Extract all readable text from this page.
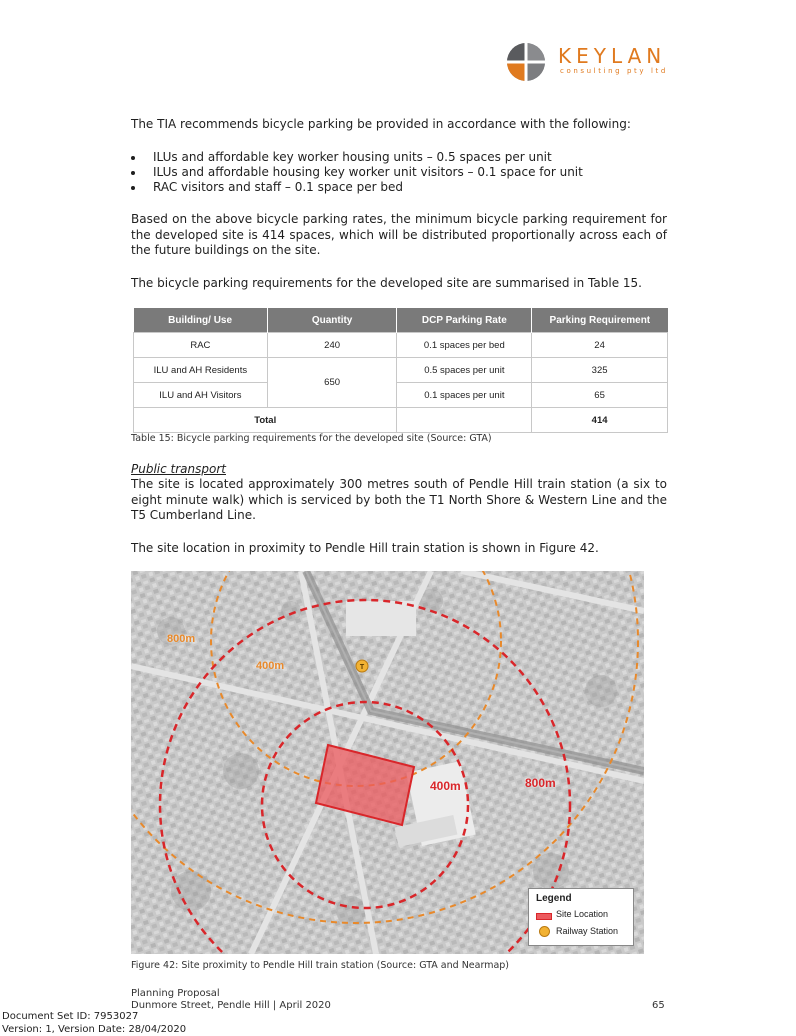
KEYLAN
consulting pty ltd

The TIA recommends bicycle parking be provided in accordance with the following:

ILUs and affordable key worker housing units – 0.5 spaces per unit
ILUs and affordable housing key worker unit visitors – 0.1 space for unit
RAC visitors and staff – 0.1 space per bed

Based on the above bicycle parking rates, the minimum bicycle parking requirement for the developed site is 414 spaces, which will be distributed proportionally across each of the future buildings on the site.

The bicycle parking requirements for the developed site are summarised in Table 15.

Building/ Use	Quantity	DCP Parking Rate	Parking Requirement
RAC	240	0.1 spaces per bed	24
ILU and AH Residents	650	0.5 spaces per unit	325
ILU and AH Visitors		0.1 spaces per unit	65
Total			414

Table 15: Bicycle parking requirements for the developed site (Source: GTA)

Public transport

The site is located approximately 300 metres south of Pendle Hill train station (a six to eight minute walk) which is serviced by both the T1 North Shore & Western Line and the T5 Cumberland Line.

The site location in proximity to Pendle Hill train station is shown in Figure 42.

T
800m
400m
400m	800m
Legend
Site Location
Railway Station

Figure 42: Site proximity to Pendle Hill train station (Source: GTA and Nearmap)

Planning Proposal
Dunmore Street, Pendle Hill | April 2020	65
Document Set ID: 7953027
Version: 1, Version Date: 28/04/2020
